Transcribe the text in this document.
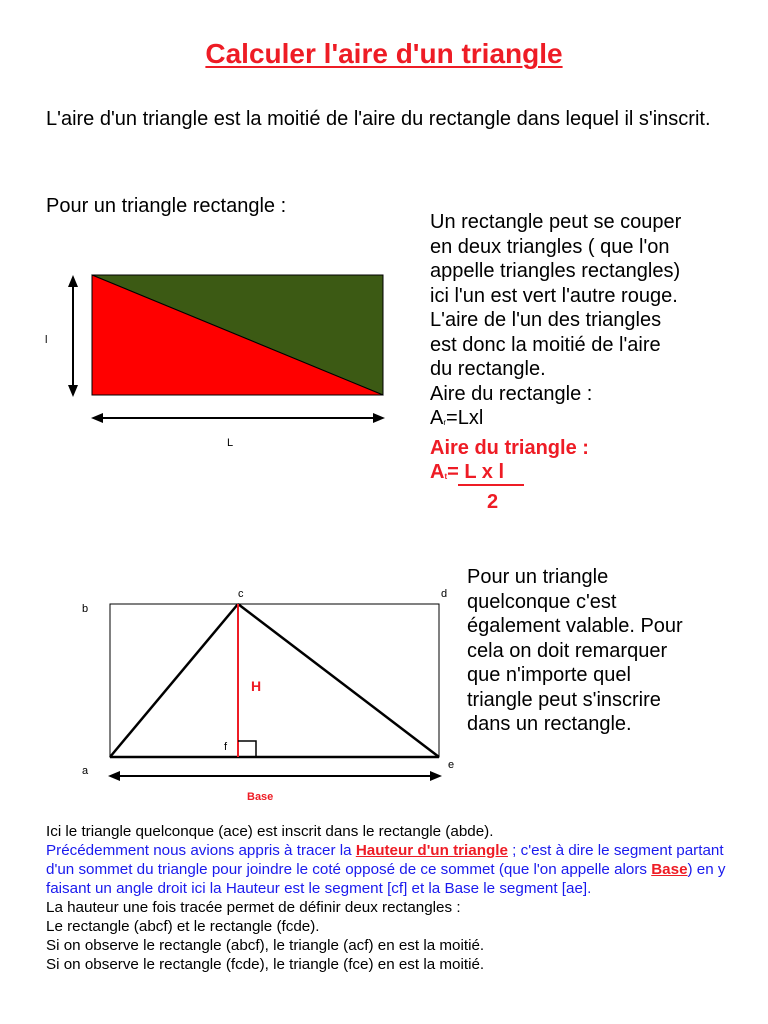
Calculer l'aire d'un triangle
L'aire d'un triangle est la moitié de l'aire du rectangle dans lequel il s'inscrit.
Pour un triangle rectangle :
l
L
Un rectangle peut se couper
en deux triangles ( que l'on
appelle triangles rectangles)
ici l'un est vert l'autre rouge.
L'aire de l'un des triangles
est donc la moitié de l'aire
du rectangle.
Aire du rectangle :
$A_r=Lxl$
Aire du triangle :
$A_t= L$ x l
2
b
c	d
a	e
f
H
Base
Pour un triangle
quelconque c'est
également valable. Pour
cela on doit remarquer
que n'importe quel
triangle peut s'inscrire
dans un rectangle.
Ici le triangle quelconque (ace) est inscrit dans le rectangle (abde).
Précédemment nous avions appris à tracer la Hauteur d'un triangle ; c'est à dire le segment partant d'un sommet du triangle pour joindre le coté opposé de ce sommet (que l'on appelle alors Base) en y faisant un angle droit ici la Hauteur est le segment [cf] et la Base le segment [ae].
La hauteur une fois tracée permet de définir deux rectangles :
Le rectangle (abcf) et le rectangle (fcde).
Si on observe le rectangle (abcf), le triangle (acf) en est la moitié.
Si on observe le rectangle (fcde), le triangle (fce) en est la moitié.
